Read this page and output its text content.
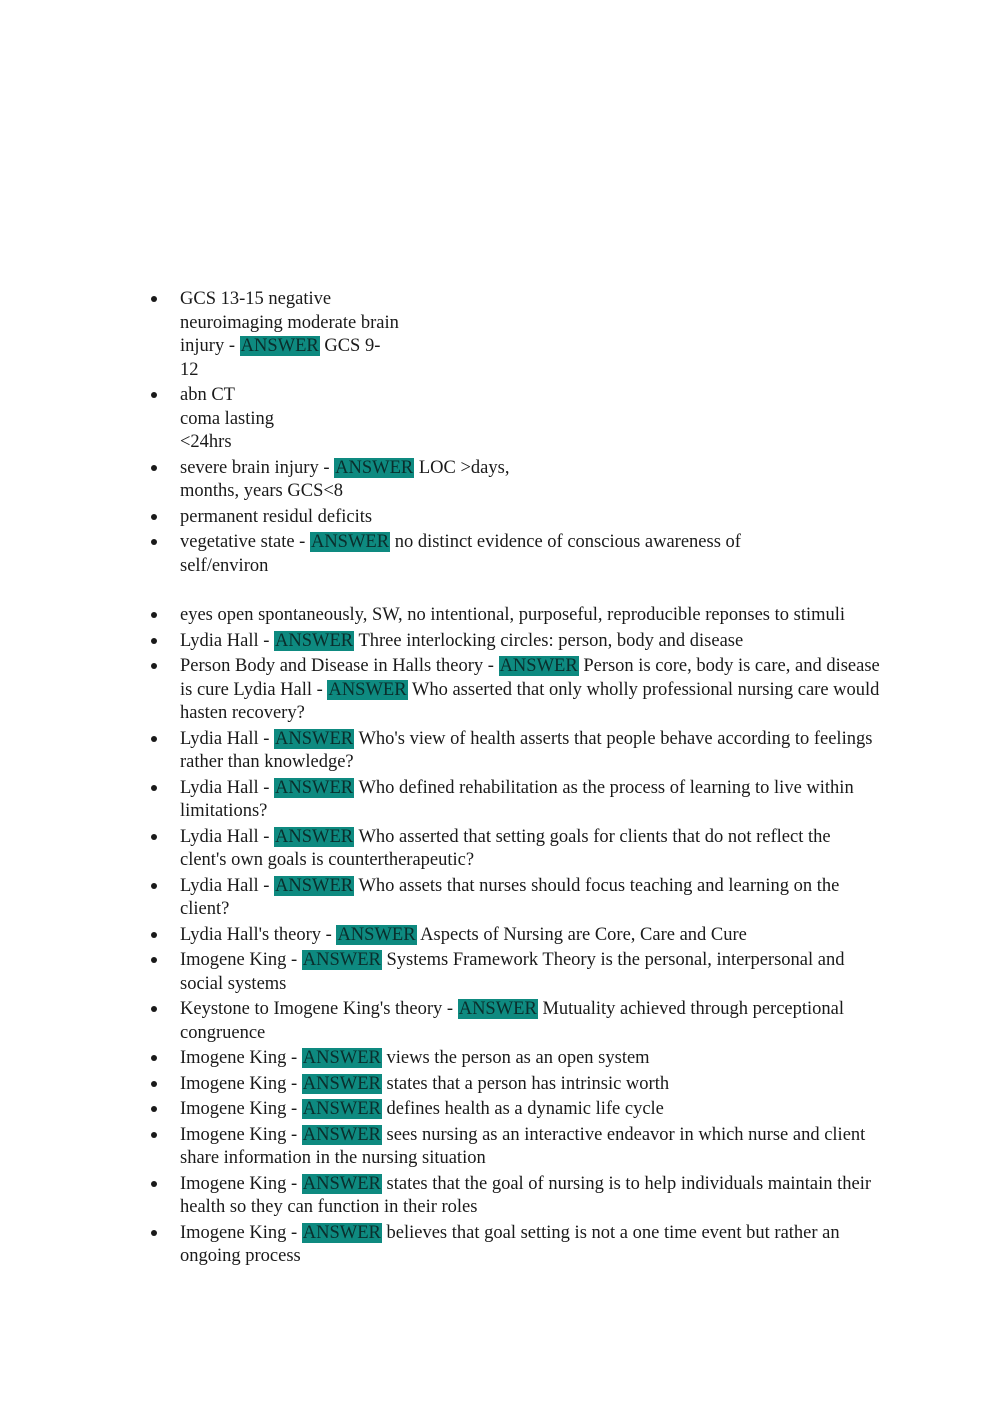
GCS 13-15 negative
neuroimaging moderate brain
injury - ANSWER GCS 9-
12
abn CT
coma lasting
<24hrs
severe brain injury - ANSWER LOC >days,
months, years GCS<8
permanent residul deficits
vegetative state - ANSWER no distinct evidence of conscious awareness of
self/environ
eyes open spontaneously, SW, no intentional, purposeful, reproducible reponses to stimuli
Lydia Hall - ANSWER Three interlocking circles: person, body and disease
Person Body and Disease in Halls theory - ANSWER Person is core, body is care, and disease is cure Lydia Hall - ANSWER Who asserted that only wholly professional nursing care would hasten recovery?
Lydia Hall - ANSWER Who's view of health asserts that people behave according to feelings rather than knowledge?
Lydia Hall - ANSWER Who defined rehabilitation as the process of learning to live within limitations?
Lydia Hall - ANSWER Who asserted that setting goals for clients that do not reflect the clent's own goals is countertherapeutic?
Lydia Hall - ANSWER Who assets that nurses should focus teaching and learning on the client?
Lydia Hall's theory - ANSWER Aspects of Nursing are Core, Care and Cure
Imogene King - ANSWER Systems Framework Theory is the personal, interpersonal and social systems
Keystone to Imogene King's theory - ANSWER Mutuality achieved through perceptional congruence
Imogene King - ANSWER views the person as an open system
Imogene King - ANSWER states that a person has intrinsic worth
Imogene King - ANSWER defines health as a dynamic life cycle
Imogene King - ANSWER sees nursing as an interactive endeavor in which nurse and client share information in the nursing situation
Imogene King - ANSWER states that the goal of nursing is to help individuals maintain their health so they can function in their roles
Imogene King - ANSWER believes that goal setting is not a one time event but rather an ongoing process
